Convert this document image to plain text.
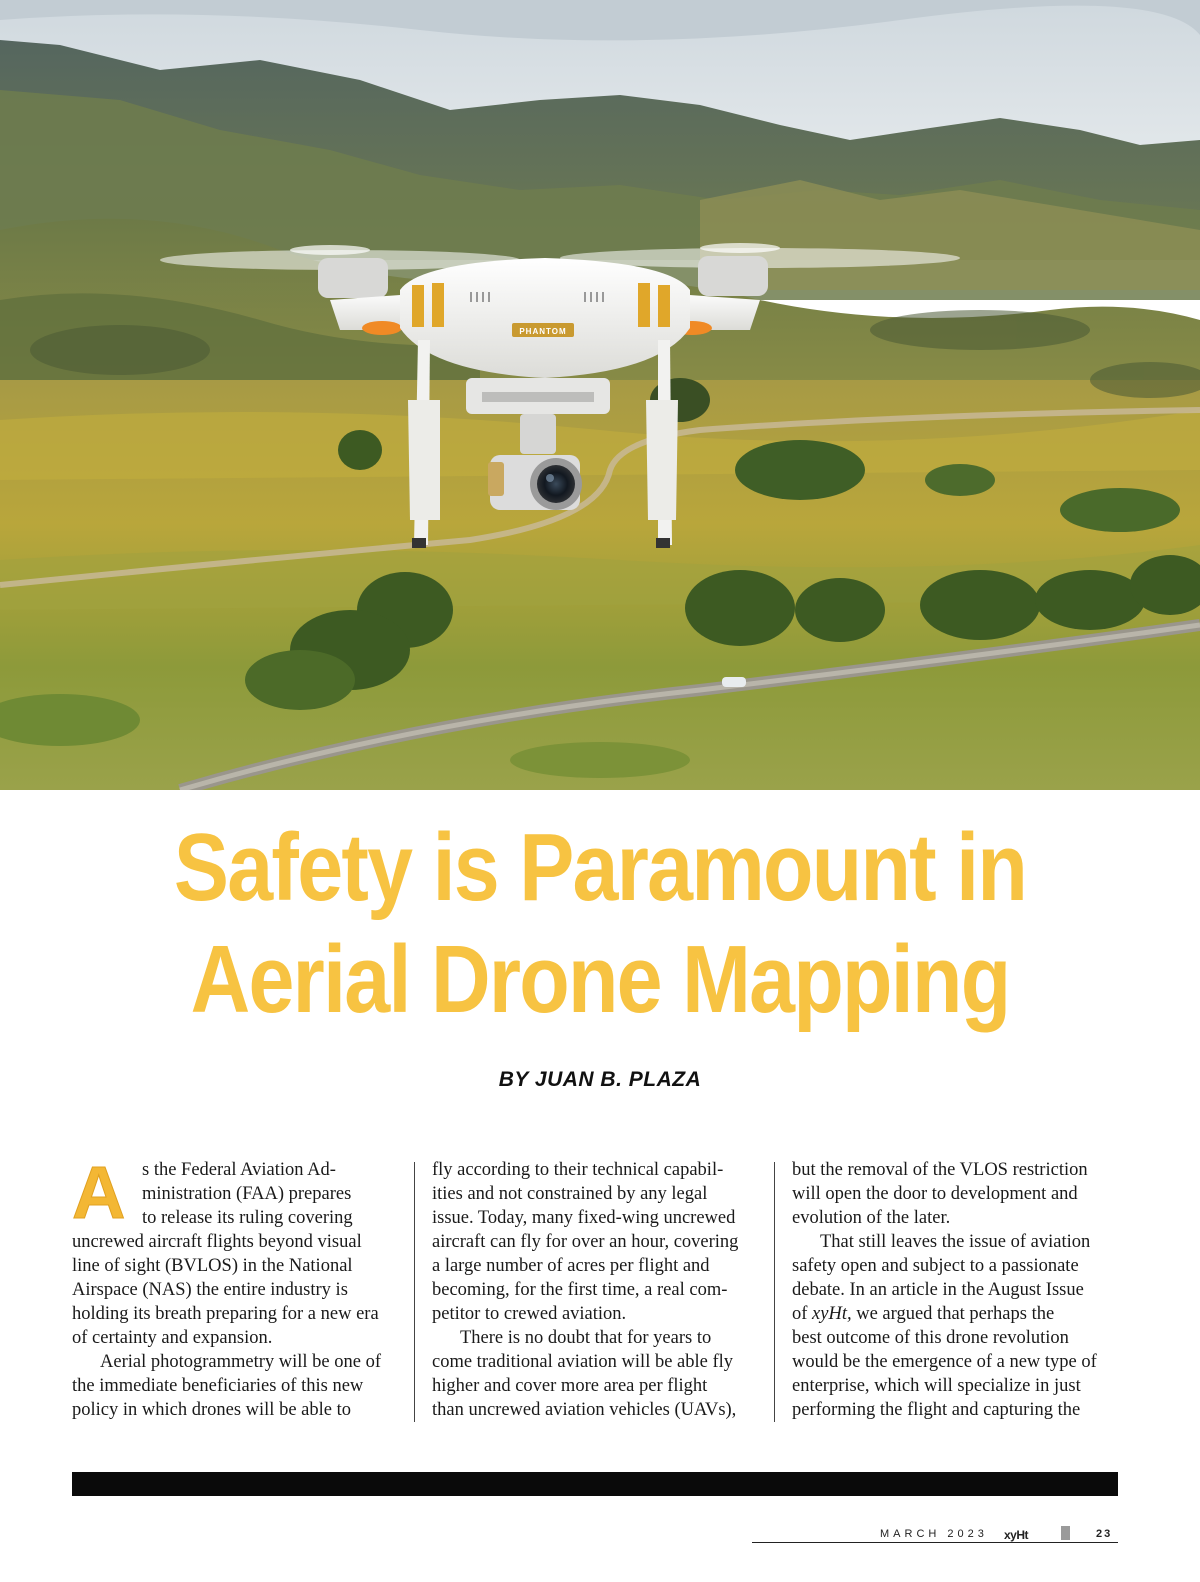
PHANTOM
Safety is Paramount in
Aerial Drone Mapping
BY JUAN B. PLAZA
A s the Federal Aviation Ad-

ministration (FAA) prepares

to release its ruling covering

uncrewed aircraft flights beyond visual

line of sight (BVLOS) in the National

Airspace (NAS) the entire industry is

holding its breath preparing for a new era

of certainty and expansion.

Aerial photogrammetry will be one of

the immediate beneficiaries of this new

policy in which drones will be able to

fly according to their technical capabil-

ities and not constrained by any legal

issue. Today, many fixed-wing uncrewed

aircraft can fly for over an hour, covering

a large number of acres per flight and

becoming, for the first time, a real com-

petitor to crewed aviation.

There is no doubt that for years to

come traditional aviation will be able fly

higher and cover more area per flight

than uncrewed aviation vehicles (UAVs),

but the removal of the VLOS restriction

will open the door to development and

evolution of the later.

That still leaves the issue of aviation

safety open and subject to a passionate

debate. In an article in the August Issue

of xyHt, we argued that perhaps the

best outcome of this drone revolution

would be the emergence of a new type of

enterprise, which will specialize in just

performing the flight and capturing the

MARCH 2023 xyHt	23
